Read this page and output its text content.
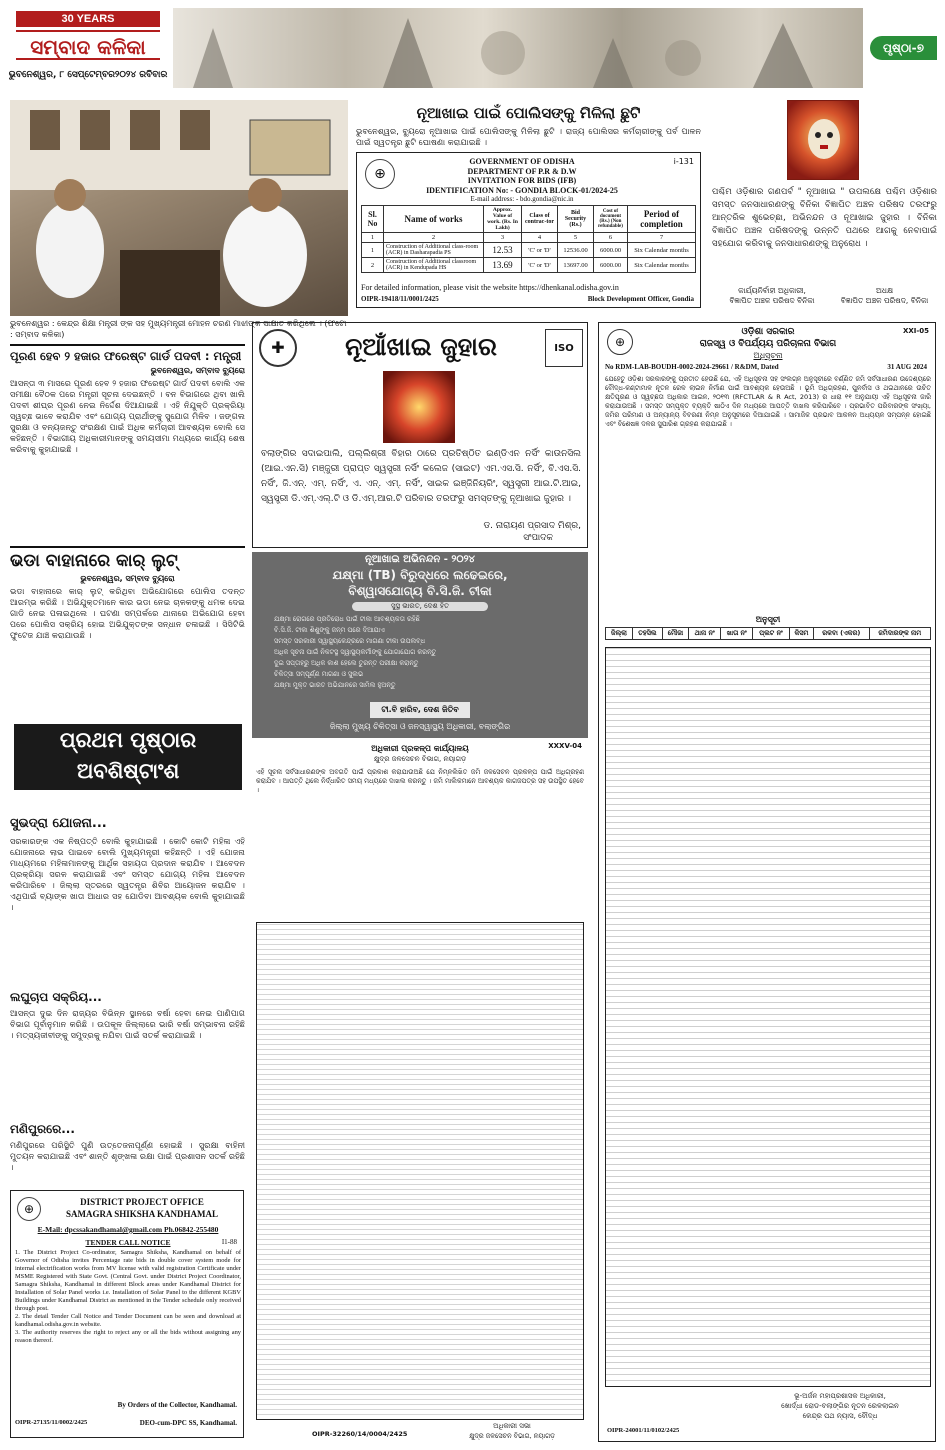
30 YEARS
ସମ୍ବାଦ କଳିକା
ଭୁବନେଶ୍ୱର, ୮ ସେପ୍ଟେମ୍ବର୨୦୨୪ ରବିବାର
ପୃଷ୍ଠା-୭
ଭୁବନେଶ୍ୱର : କେନ୍ଦ୍ର ଶିକ୍ଷା ମନ୍ତ୍ରୀ ଙ୍କ ସହ ମୁଖ୍ୟମନ୍ତ୍ରୀ ମୋହନ ଚରଣ ମାଝୀଙ୍କ ସାକ୍ଷାତ କରିଥିଲେ । (ଫଟୋ : ସମ୍ବାଦ କଳିକା)
ନୂଆଖାଇ ପାଇଁ ପୋଲିସଙ୍କୁ ମିଳିଲା ଛୁଟି
ଭୁବନେଶ୍ୱର, ବ୍ୟୁରୋ ନୂଆଖାଇ ପାଇଁ ପୋଲିସଙ୍କୁ ମିଳିଲା ଛୁଟି । ରାଜ୍ୟ ପୋଲିସର କର୍ମଚାରୀଙ୍କୁ ପର୍ବ ପାଳନ ପାଇଁ ସ୍ୱତନ୍ତ୍ର ଛୁଟି ଘୋଷଣା କରାଯାଇଛି ।
⊕
i-131
GOVERNMENT OF ODISHA
DEPARTMENT OF P.R & D.W
INVITATION FOR BIDS (IFB)
IDENTIFICATION No: - GONDIA BLOCK-01/2024-25
E-mail address: - bdo.gondia@nic.in
Sl. No	Name of works	Approx. Value of work. (Rs. In Lakh)	Class of contrac-tor	Bid Security (Rs.)	Cost of document (Rs.) (Non refundable)	Period of completion
1	2	3	4	5	6	7
1	Construction of Additional class-room (ACR) in Dasharapadia PS	12.53	'C' or 'D'	12536.00	6000.00	Six Calendar months
2	Construction of Additional classroom (ACR) in Kendupada HS	13.69	'C' or 'D'	13697.00	6000.00	Six Calendar months
For detailed information, please visit the website https://dhenkanal.odisha.gov.in
OIPR-19418/11/0001/2425	Block Development Officer, Gondia
ପଶ୍ଚିମ ଓଡ଼ିଶାର ଗଣପର୍ବ " ନୂଆଖାଇ " ଉପଲକ୍ଷେ ପଶ୍ଚିମ ଓଡ଼ିଶାର ସମସ୍ତ ଜନସାଧାରଣଙ୍କୁ ବିନିକା ବିଜ୍ଞାପିତ ଅଞ୍ଚଳ ପରିଷଦ ତରଫରୁ ଆନ୍ତରିକ ଶୁଭେଚ୍ଛା, ଅଭିନନ୍ଦନ ଓ ନୂଆଖାଇ ଜୁହାର । ବିନିକା ବିଜ୍ଞାପିତ ଅଞ୍ଚଳ ପରିଷଦଙ୍କୁ ଉନ୍ନତି ପଥରେ ଆଗକୁ ନେବାପାଇଁ ସହଯୋଗ କରିବାକୁ ଜନସାଧାରଣଙ୍କୁ ଅନୁରୋଧ ।
କାର୍ଯ୍ୟନିର୍ବାହୀ ଅଧିକାରୀ,
ବିଜ୍ଞାପିତ ଅଞ୍ଚଳ ପରିଷଦ ବିନିକା
ଅଧକ୍ଷ
ବିଜ୍ଞାପିତ ଅଞ୍ଚଳ ପରିଷଦ, ବିନିକା
ପୂରଣ ହେବ ୨ ହଜାର ଫରେଷ୍ଟ ଗାର୍ଡ ପଦବୀ : ମନ୍ତ୍ରୀ
ଭୁବନେଶ୍ୱର, ସମ୍ବାଦ ବ୍ୟୁରୋ
ଆସନ୍ତା ୩ ମାସରେ ପୂରଣ ହେବ ୨ ହଜାର ଫରେଷ୍ଟ ଗାର୍ଡ ପଦବୀ ବୋଲି ଏକ ସମୀକ୍ଷା ବୈଠକ ପରେ ମନ୍ତ୍ରୀ ସୂଚନା ଦେଇଛନ୍ତି । ବନ ବିଭାଗରେ ଥିବା ଖାଲି ପଦବୀ ଶୀଘ୍ର ପୂରଣ ନେଇ ନିର୍ଦ୍ଦେଶ ଦିଆଯାଇଛି । ଏହି ନିଯୁକ୍ତି ପ୍ରକ୍ରିୟା ସ୍ୱଚ୍ଛ ଭାବେ କରାଯିବ ଏବଂ ଯୋଗ୍ୟ ପ୍ରାର୍ଥୀଙ୍କୁ ସୁଯୋଗ ମିଳିବ । ଜଙ୍ଗଲ ସୁରକ୍ଷା ଓ ବନ୍ୟଜନ୍ତୁ ସଂରକ୍ଷଣ ପାଇଁ ଅଧିକ କର୍ମଚାରୀ ଆବଶ୍ୟକ ବୋଲି ସେ କହିଛନ୍ତି । ବିଭାଗୀୟ ଅଧିକାରୀମାନଙ୍କୁ ସମୟସୀମା ମଧ୍ୟରେ କାର୍ଯ୍ୟ ଶେଷ କରିବାକୁ କୁହାଯାଇଛି ।
ଭଡା ବାହାନାରେ କାର୍ ଲୁଟ୍
ଭୁବନେଶ୍ୱର, ସମ୍ବାଦ ବ୍ୟୁରୋ
ଭଡା ବାହାନାରେ କାର୍ ଲୁଟ୍ କରିଥିବା ଅଭିଯୋଗରେ ପୋଲିସ ତଦନ୍ତ ଆରମ୍ଭ କରିଛି । ଅଭିଯୁକ୍ତମାନେ କାର ଭଡା ନେଇ ଚାଳକଙ୍କୁ ଧମକ ଦେଇ ଗାଡି ନେଇ ପଳାଇଥିଲେ । ଘଟଣା ସମ୍ପର୍କରେ ଥାନାରେ ଅଭିଯୋଗ ହେବା ପରେ ପୋଲିସ ସକ୍ରିୟ ହୋଇ ଅଭିଯୁକ୍ତଙ୍କ ସନ୍ଧାନ ଚଳାଇଛି । ସିସିଟିଭି ଫୁଟେଜ ଯାଞ୍ଚ କରାଯାଉଛି ।
ପ୍ରଥମ ପୃଷ୍ଠାର
ଅବଶିଷ୍ଟାଂଶ
ସୁଭଦ୍ରା ଯୋଜନା...
ସରକାରଙ୍କ ଏକ ନିଷ୍ପତ୍ତି ବୋଲି କୁହାଯାଇଛି । କୋଟି କୋଟି ମହିଳା ଏହି ଯୋଜନାରେ ଲାଭ ପାଇବେ ବୋଲି ମୁଖ୍ୟମନ୍ତ୍ରୀ କହିଛନ୍ତି । ଏହି ଯୋଜନା ମାଧ୍ୟମରେ ମହିଳାମାନଙ୍କୁ ଆର୍ଥିକ ସହାୟତା ପ୍ରଦାନ କରାଯିବ । ଆବେଦନ ପ୍ରକ୍ରିୟା ସରଳ କରାଯାଇଛି ଏବଂ ସମସ୍ତ ଯୋଗ୍ୟ ମହିଳା ଆବେଦନ କରିପାରିବେ । ଜିଲ୍ଲା ସ୍ତରରେ ସ୍ୱତନ୍ତ୍ର ଶିବିର ଆୟୋଜନ କରାଯିବ । ଏଥିପାଇଁ ବ୍ୟାଙ୍କ ଖାତା ଆଧାର ସହ ଯୋଡିବା ଆବଶ୍ୟକ ବୋଲି କୁହାଯାଇଛି ।
ଲଘୁଚାପ ସକ୍ରିୟ...
ଆସନ୍ତା ଦୁଇ ଦିନ ରାଜ୍ୟର ବିଭିନ୍ନ ସ୍ଥାନରେ ବର୍ଷା ହେବା ନେଇ ପାଣିପାଗ ବିଭାଗ ପୂର୍ବାନୁମାନ କରିଛି । ଉପକୂଳ ଜିଲ୍ଲାରେ ଭାରି ବର୍ଷା ସମ୍ଭାବନା ରହିଛି । ମତ୍ସ୍ୟଜୀବୀଙ୍କୁ ସମୁଦ୍ରକୁ ନଯିବା ପାଇଁ ସତର୍କ କରାଯାଇଛି ।
ମଣିପୁରରେ...
ମଣିପୁରରେ ପରିସ୍ଥିତି ପୁଣି ଉତ୍ତେଜନାପୂର୍ଣ୍ଣ ହୋଇଛି । ସୁରକ୍ଷା ବାହିନୀ ମୁତୟନ କରାଯାଇଛି ଏବଂ ଶାନ୍ତି ଶୃଙ୍ଖଳା ରକ୍ଷା ପାଇଁ ପ୍ରଶାସନ ସତର୍କ ରହିଛି ।
⊕	DISTRICT PROJECT OFFICE
SAMAGRA SHIKSHA KANDHAMAL
E-Mail: dpcssakandhamal@gmail.com Ph.06842-255480
TENDER CALL NOTICE	I1-88

1. The District Project Co-ordinator, Samagra Shiksha, Kandhamal on behalf of Governor of Odisha invites Percentage rate bids in double cover system mode for internal electrification works from MV license with valid registration Certificate under MSME Registered with State Govt. (Central Govt. under District Project Coordinator, Samagra Shiksha, Kandhamal in different Block areas under Kandhamal District for Installation of Solar Panel works i.e. Installation of Solar Panel to the different KGBV Buildings under Kandhamal District as mentioned in the Tender schedule only received through post.

2. The detail Tender Call Notice and Tender Document can be seen and download at kandhamal.odisha.gov.in website.

3. The authority reserves the right to reject any or all the bids without assigning any reason thereof.

By Orders of the Collector, Kandhamal.
OIPR-27135/11/0002/2425	DEO-cum-DPC SS, Kandhamal.
✚	ISO
ନୂଆଁଖାଇ ଜୁହାର
ବଲାଙ୍ଗିର ସଦାଇପାଲି, ପଲ୍ଲିଶ୍ରୀ ବିହାର ଠାରେ ପ୍ରତିଷ୍ଠିତ ଇଣ୍ଡିଏନ ନର୍ସିଂ କାଉନସିଲ (ଆଇ.ଏନ.ସି) ମଞ୍ଜୁରୀ ପ୍ରାପ୍ତ ସ୍ୱସ୍ତ୍ରୀ ନର୍ସିଂ କଲେଜ (ସାଇଟ) ଏମ.ଏସ.ସି. ନର୍ସିଂ, ବି.ଏସ.ସି. ନର୍ସିଂ, ଜି.ଏନ୍. ଏମ୍. ନର୍ସିଂ, ଏ. ଏନ୍. ଏମ୍. ନର୍ସିଂ, ସାଇକ ଇଞ୍ଜିନିୟରିଂ, ସ୍ୱସ୍ତ୍ରୀ ଆଇ.ଟି.ଆଇ, ସ୍ୱସ୍ତ୍ରୀ ଡି.ଏମ୍.ଏଲ୍.ଟି ଓ ଡି.ଏମ୍.ଆର.ଟି ପରିବାର ତରଫରୁ ସମସ୍ତଙ୍କୁ ନୂଆଖାଇ ଜୁହାର ।
ଡ. ନାରାୟଣ ପ୍ରସାଦ ମିଶ୍ର,
ସଂପାଦକ
ନୂଆଖାଇ ଅଭିନନ୍ଦନ - ୨୦୨୪
ଯକ୍ଷ୍ମା (TB) ବିରୁଦ୍ଧରେ ଲଢେଇରେ,
ବିଶ୍ୱାସଯୋଗ୍ୟ ବି.ସି.ଜି. ଟୀକା
ସୁସ୍ଥ ଭାରତ, ଦେଶ ହିତ
ଯକ୍ଷ୍ମା ରୋଗରେ ପ୍ରତିରୋଧ ପାଇଁ ଟୀକା ଆବଶ୍ୟକତା ରହିଛି
ବି.ସି.ଜି. ଟୀକା ଶିଶୁଙ୍କୁ ଜନ୍ମ ପରେ ଦିଆଯାଏ
ସମସ୍ତ ସରକାରୀ ସ୍ୱାସ୍ଥ୍ୟକେନ୍ଦ୍ରରେ ମାଗଣା ଟୀକା ଉପଲବ୍ଧ
ଅଧିକ ସୂଚନା ପାଇଁ ନିକଟସ୍ଥ ସ୍ୱାସ୍ଥ୍ୟକର୍ମୀଙ୍କୁ ଯୋଗାଯୋଗ କରନ୍ତୁ
ଦୁଇ ସପ୍ତାହରୁ ଅଧିକ କାଶ ହେଲେ ତୁରନ୍ତ ପରୀକ୍ଷା କରାନ୍ତୁ
ଚିକିତ୍ସା ସମ୍ପୂର୍ଣ୍ଣ ମାଗଣା ଓ ସୁଲଭ
ଯକ୍ଷ୍ମା ମୁକ୍ତ ଭାରତ ଅଭିଯାନରେ ସାମିଲ ହୁଅନ୍ତୁ
ଟୀ.ବି ହାରିବ, ଦେଶ ଜିତିବ
ଜିଲ୍ଲା ମୁଖ୍ୟ ଚିକିତ୍ସା ଓ ଜନସ୍ୱାସ୍ଥ୍ୟ ଅଧିକାରୀ, ବଲାଙ୍ଗିର
XXXV-04
ଅଧିକାରୀ ପ୍ରକଳ୍ପ କାର୍ଯ୍ୟାଳୟ
କ୍ଷୁଦ୍ର ଜଳସେଚନ ବିଭାଗ, ନୟାଗଡ଼
ଏହି ସୂଚନା ସର୍ବସାଧାରଣଙ୍କ ଅବଗତି ପାଇଁ ପ୍ରକାଶ କରାଯାଉଅଛି ଯେ ନିମ୍ନଲିଖିତ ଜମି ଜଳସେଚନ ପ୍ରକଳ୍ପ ପାଇଁ ଅଧିଗ୍ରହଣ କରାଯିବ । ଆପତ୍ତି ଥିଲେ ନିର୍ଦ୍ଧାରିତ ସମୟ ମଧ୍ୟରେ ଦାଖଲ କରନ୍ତୁ । ଜମି ମାଲିକମାନେ ଆବଶ୍ୟକ କାଗଜପତ୍ର ସହ ଉପସ୍ଥିତ ହେବେ ।
OIPR-32260/14/0004/2425
ଅଧିକାରୀ ସଭା
କ୍ଷୁଦ୍ର ଜଳସେଚନ ବିଭାଗ, ନୟାଗଡ଼
⊕
XXI-05
ଓଡ଼ିଶା ସରକାର
ରାଜସ୍ୱ ଓ ବିପର୍ଯ୍ୟୟ ପରିଚାଳନା ବିଭାଗ
ଅଧିସୂଚନା
No RDM-LAB-BOUDH-0002-2024-29661 / R&DM, Dated	31 AUG 2024
ଯେହେତୁ ଓଡ଼ିଶା ସରକାରଙ୍କୁ ପ୍ରତୀତ ହେଉଛି ଯେ, ଏହି ଅଧିସୂଚନା ସହ ସଂଲଗ୍ନ ଅନୁସୂଚୀରେ ବର୍ଣ୍ଣିତ ଜମି ସର୍ବସାଧାରଣ ଉଦ୍ଦେଶ୍ୟରେ ବୌଦ୍ଧ-କଣ୍ଟାମାଳ ନୂତନ ରେଳ ଲାଇନ ନିର୍ମାଣ ପାଇଁ ଆବଶ୍ୟକ ହେଉଅଛି । ଭୂମି ଅଧିଗ୍ରହଣ, ପୁନର୍ବାସ ଓ ଥଇଥାନରେ ଉଚିତ କ୍ଷତିପୂରଣ ଓ ସ୍ୱଚ୍ଛତା ଅଧିକାର ଆଇନ, ୨୦୧୩ (RFCTLAR & R Act, 2013) ର ଧାରା ୧୧ ଅନୁଯାୟୀ ଏହି ଅଧିସୂଚନା ଜାରି କରାଯାଉଅଛି । ସମସ୍ତ ସମ୍ପୃକ୍ତ ବ୍ୟକ୍ତି ଷାଠିଏ ଦିନ ମଧ୍ୟରେ ଆପତ୍ତି ଦାଖଲ କରିପାରିବେ । ପ୍ରଭାବିତ ପରିବାରଙ୍କ ସଂଖ୍ୟା, ଜମିର ପରିମାଣ ଓ ଅନ୍ୟାନ୍ୟ ବିବରଣୀ ନିମ୍ନ ଅନୁସୂଚୀରେ ଦିଆଯାଇଛି । ସାମାଜିକ ପ୍ରଭାବ ଆକଳନ ଅଧ୍ୟୟନ ସମ୍ପନ୍ନ ହୋଇଛି ଏବଂ ବିଶେଷଜ୍ଞ ଦଳର ସୁପାରିଶ ଗ୍ରହଣ କରାଯାଇଛି ।
ଅନୁସୂଚୀ
ଜିଲ୍ଲା	ତହସିଲ	ମୌଜା	ଥାନା ନଂ	ଖାତା ନଂ	ପ୍ଲଟ ନଂ	କିସମ	ରକବା (ଏକର)	ଜମିଦାରଙ୍କ ନାମ
ଭୂ-ଅର୍ଜନ ମହାପ୍ରଶାସକ ଅଧିକାରୀ,
ଖୋର୍ଦ୍ଧା ରୋଡ-ବଲାଙ୍ଗିର ନୂତନ ରେଳଲାଇନ
କେନ୍ଦ୍ର ପଥ ନ୍ୟାସ, ବୌଦ୍ଧ
OIPR-24001/11/0102/2425
